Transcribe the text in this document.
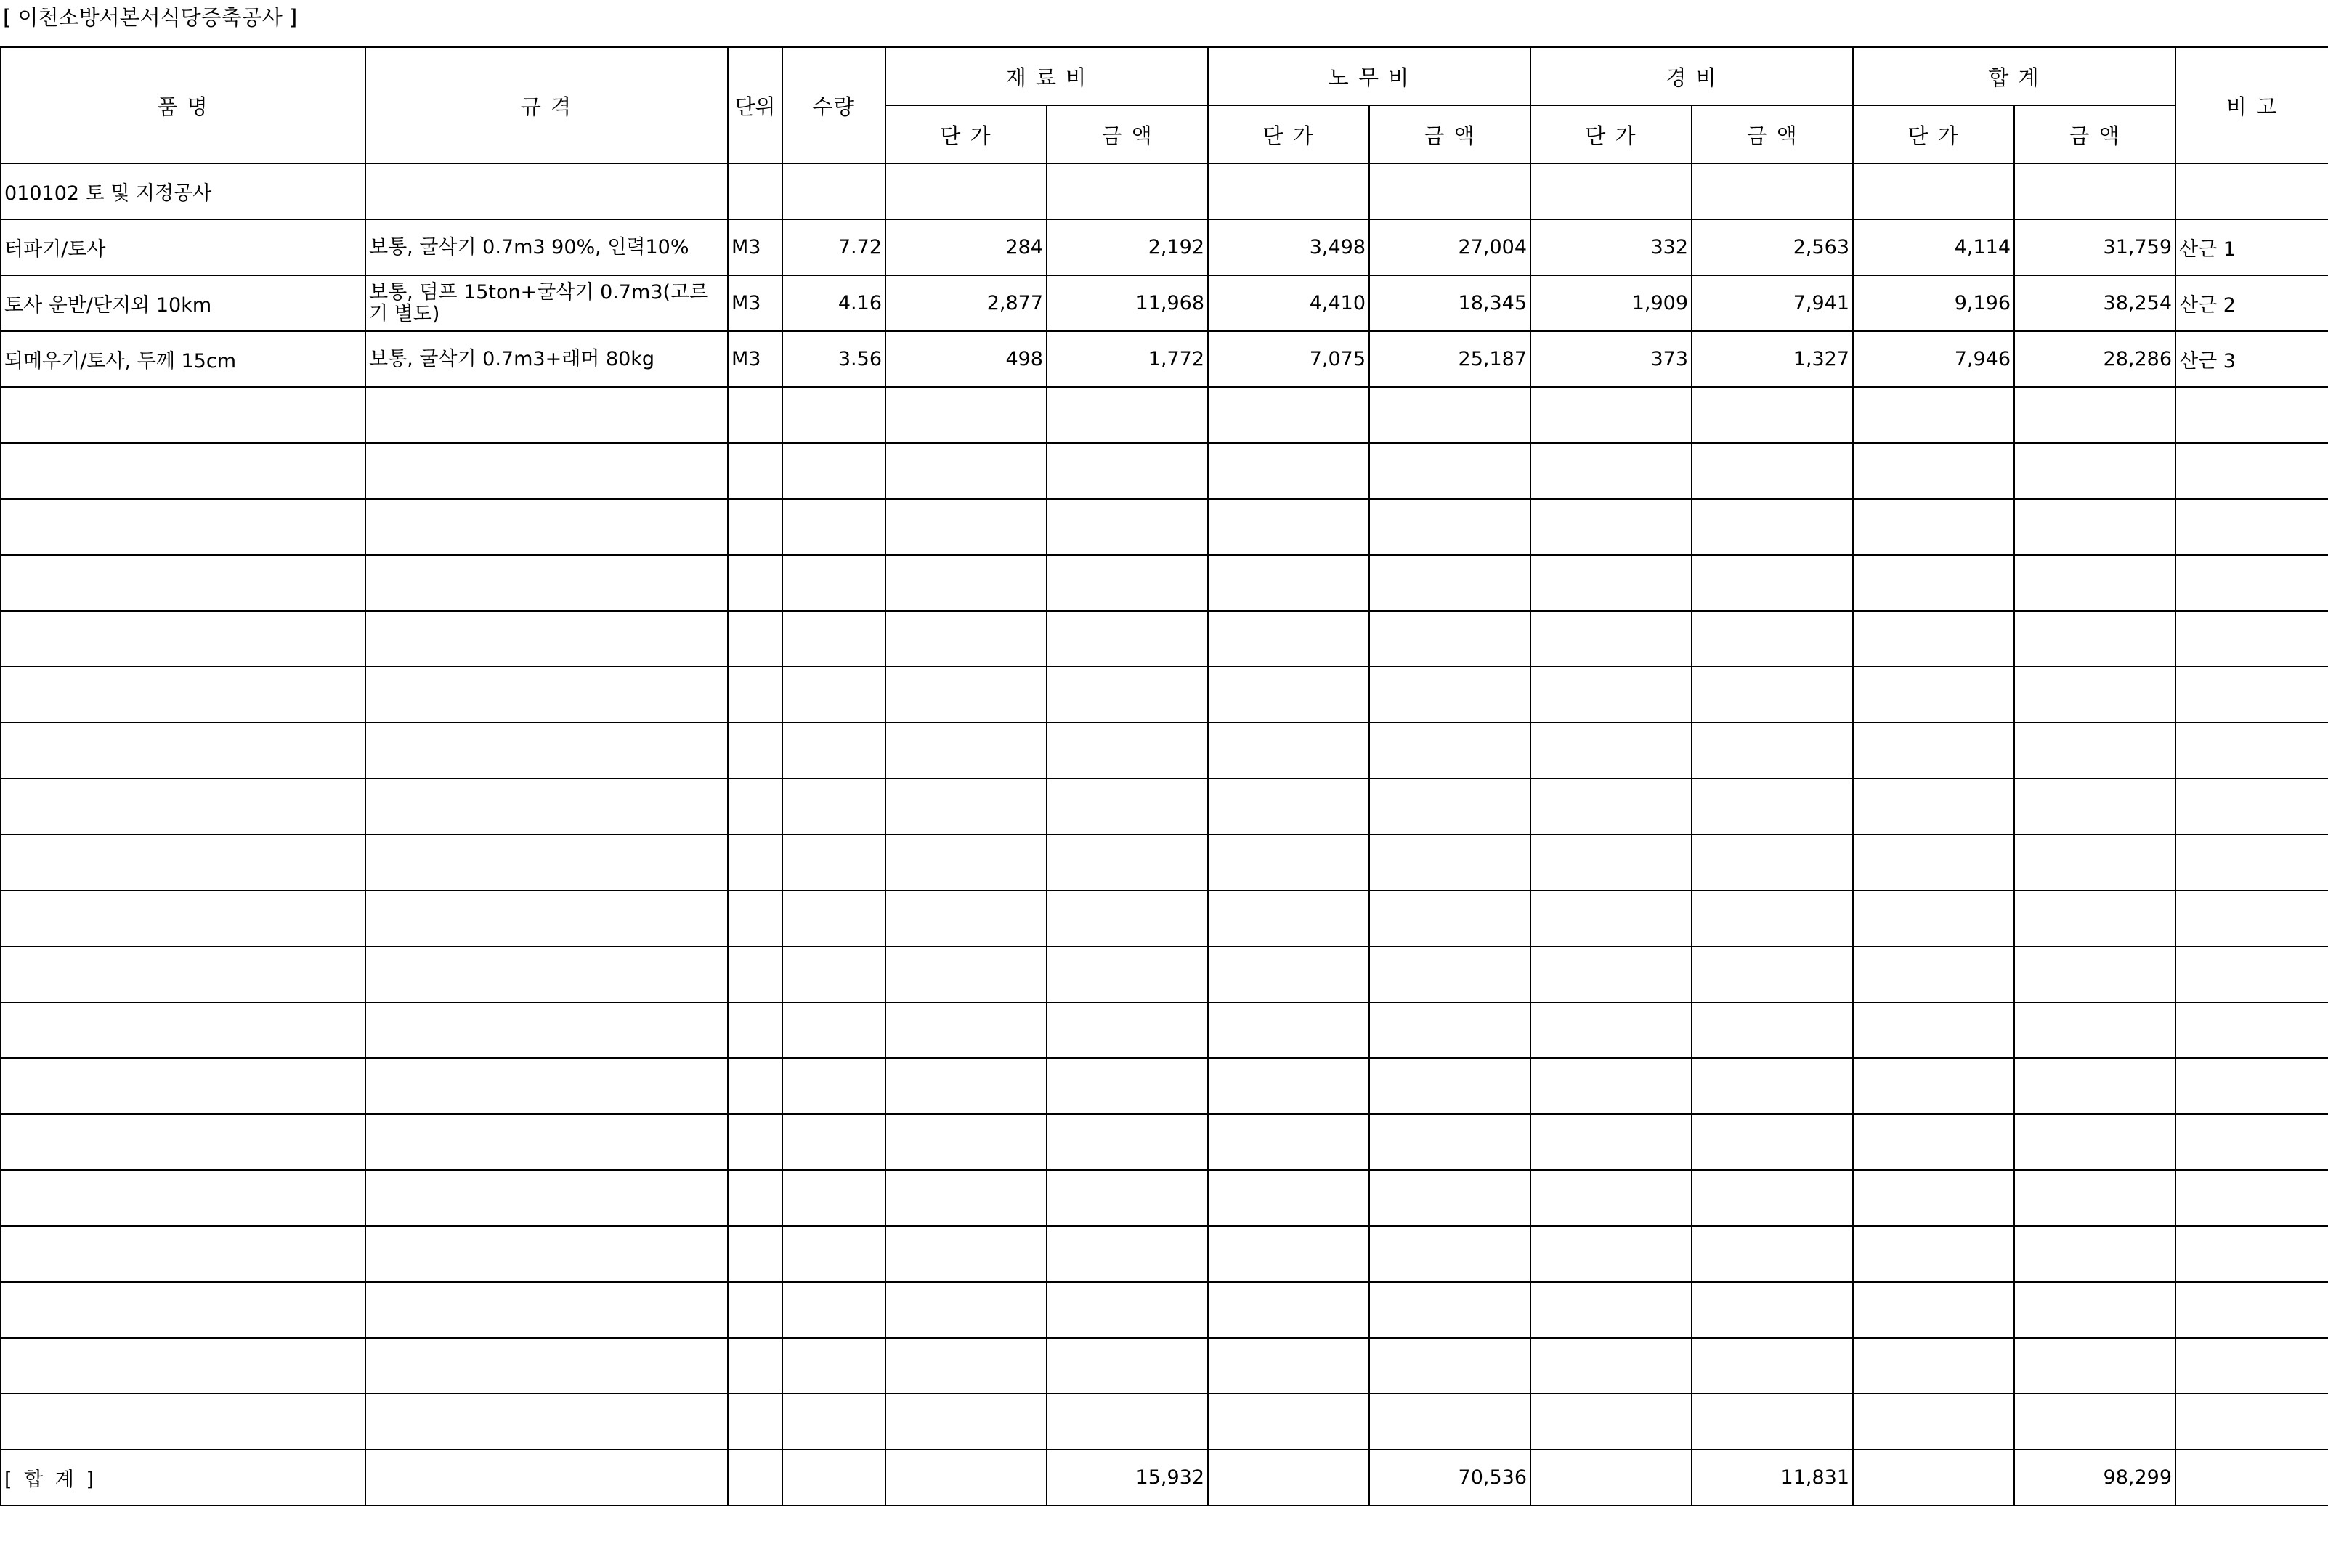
[ 이천소방서본서식당증축공사 ]
품 명	규 격	단위	수량	재 료 비		노 무 비		경 비		합 계		비 고
				단 가	금 액	단 가	금 액	단 가	금 액	단 가	금 액	
010102 토 및 지정공사												
터파기/토사	보통, 굴삭기 0.7m3 90%, 인력10%	M3	7.72	284	2,192	3,498	27,004	332	2,563	4,114	31,759	산근 1
토사 운반/단지외 10km	보통, 덤프 15ton+굴삭기 0.7m3(고르기 별도)	M3	4.16	2,877	11,968	4,410	18,345	1,909	7,941	9,196	38,254	산근 2
되메우기/토사, 두께 15cm	보통, 굴삭기 0.7m3+래머 80kg	M3	3.56	498	1,772	7,075	25,187	373	1,327	7,946	28,286	산근 3

[ 합 계 ]					15,932		70,536		11,831		98,299	
